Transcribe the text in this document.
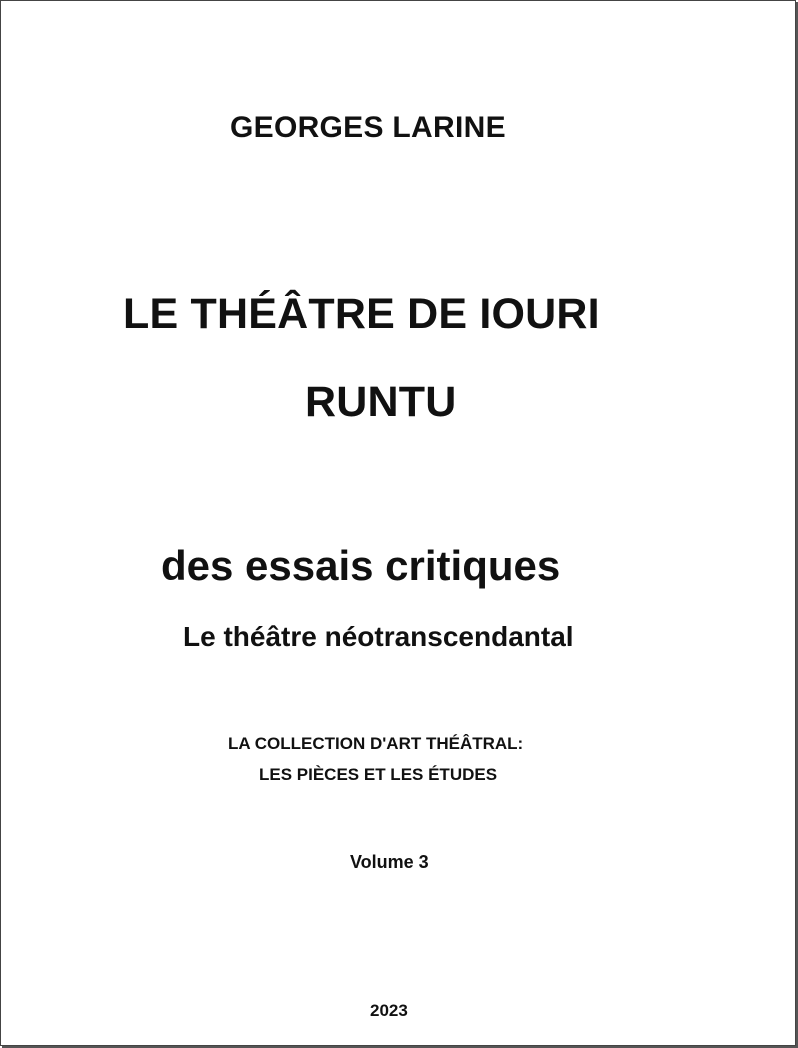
GEORGES LARINE

LE THÉÂTRE DE IOURI

RUNTU

des essais critiques

Le théâtre néotranscendantal

LA COLLECTION D'ART THÉÂTRAL:

LES PIÈCES ET LES ÉTUDES

Volume 3

2023
